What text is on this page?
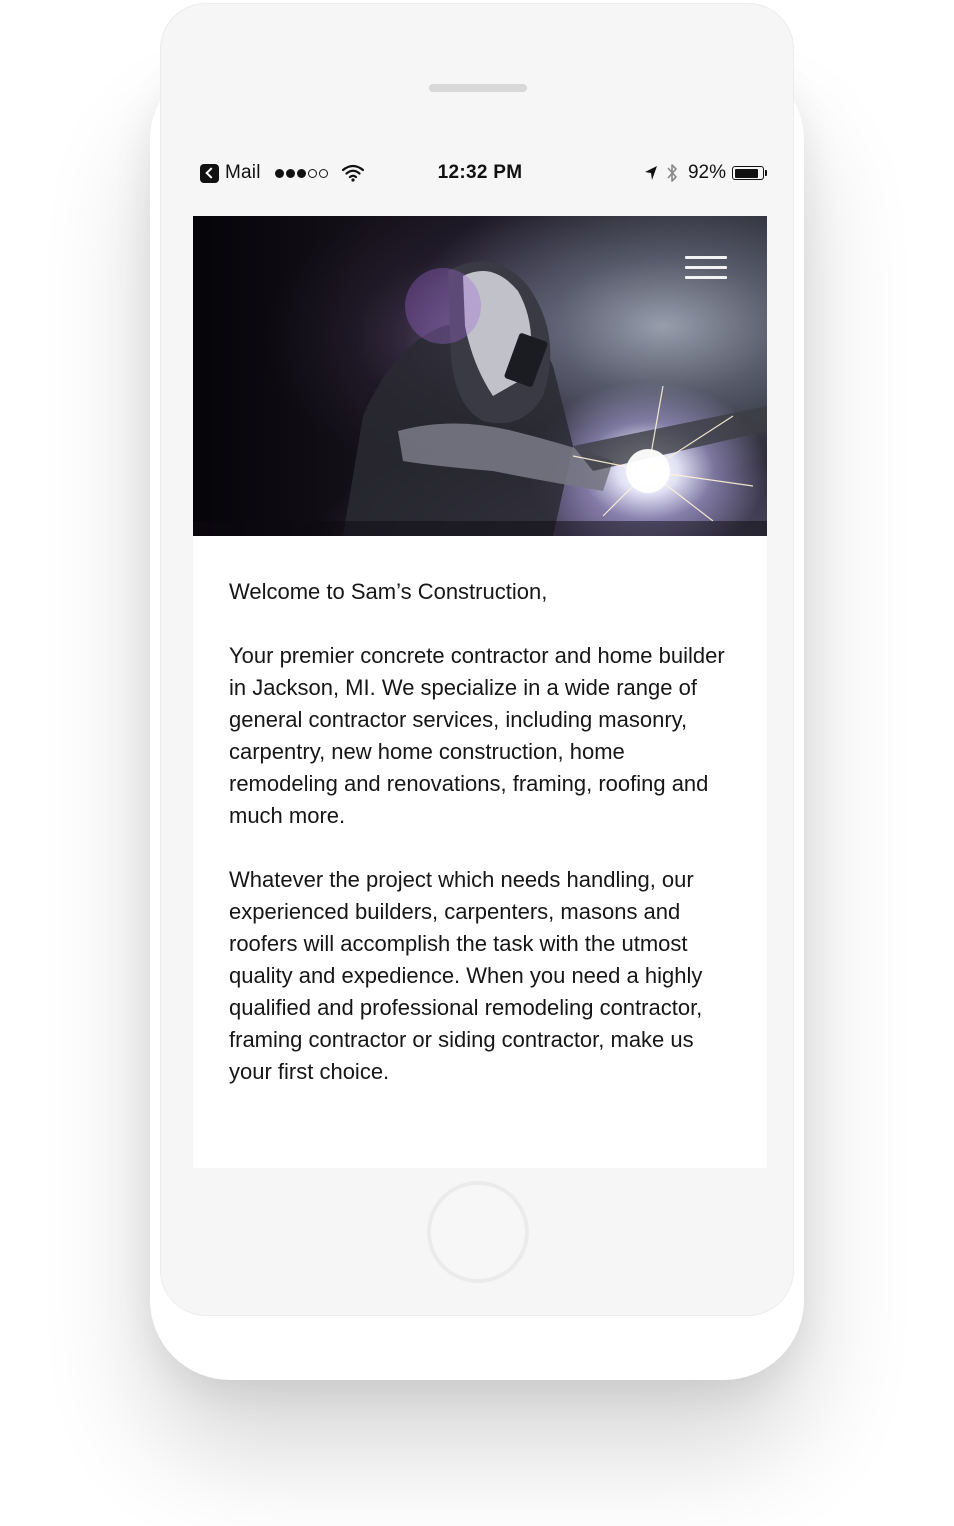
Mail	12:32 PM	92%
Welcome to Sam’s Construction,

Your premier concrete contractor and home builder in Jackson, MI. We specialize in a wide range of general contractor services, including masonry, carpentry, new home construction, home remodeling and renovations, framing, roofing and much more.

Whatever the project which needs handling, our experienced builders, carpenters, masons and roofers will accomplish the task with the utmost quality and expedience. When you need a highly qualified and professional remodeling contractor, framing contractor or siding contractor, make us your first choice.
